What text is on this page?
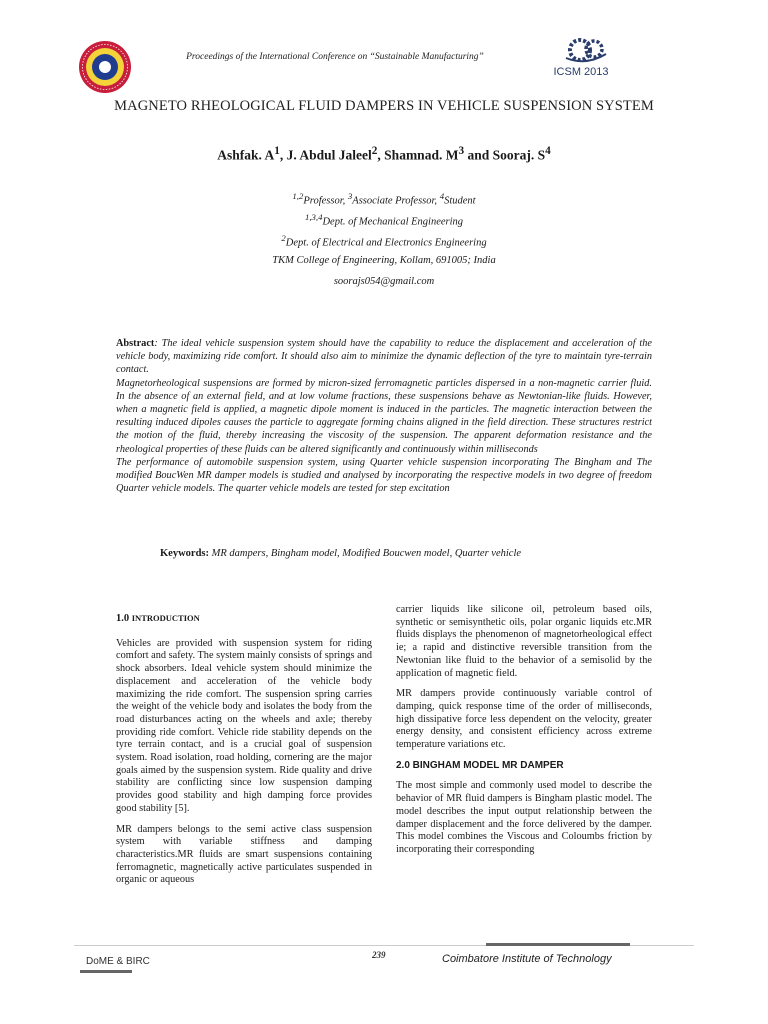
Proceedings of the International Conference on “Sustainable Manufacturing”
ICSM 2013
MAGNETO RHEOLOGICAL FLUID DAMPERS IN VEHICLE SUSPENSION SYSTEM
Ashfak. $A^1$, J. Abdul Jaleel$^2$, Shamnad. $M^3$ and Sooraj. $S^4$
$^{1,2}$Professor, $^3$Associate Professor, $^4$Student
$^{1,3,4}$Dept. of Mechanical Engineering
$^2$Dept. of Electrical and Electronics Engineering
TKM College of Engineering, Kollam, 691005; India
soorajs054@gmail.com

Abstract: The ideal vehicle suspension system should have the capability to reduce the displacement and acceleration of the vehicle body, maximizing ride comfort. It should also aim to minimize the dynamic deflection of the tyre to maintain tyre-terrain contact.

Magnetorheological suspensions are formed by micron-sized ferromagnetic particles dispersed in a non-magnetic carrier fluid. In the absence of an external field, and at low volume fractions, these suspensions behave as Newtonian-like fluids. However, when a magnetic field is applied, a magnetic dipole moment is induced in the particles. The magnetic interaction between the resulting induced dipoles causes the particle to aggregate forming chains aligned in the field direction. These structures restrict the motion of the fluid, thereby increasing the viscosity of the suspension. The apparent deformation resistance and the rheological properties of these fluids can be altered significantly and continuously within milliseconds

The performance of automobile suspension system, using Quarter vehicle suspension incorporating The Bingham and The modified BoucWen MR damper models is studied and analysed by incorporating the respective models in two degree of freedom Quarter vehicle models. The quarter vehicle models are tested for step excitation

Keywords: MR dampers, Bingham model, Modified Boucwen model, Quarter vehicle
1.0 INTRODUCTION

Vehicles are provided with suspension system for riding comfort and safety. The system mainly consists of springs and shock absorbers. Ideal vehicle system should minimize the displacement and acceleration of the vehicle body maximizing the ride comfort. The suspension spring carries the weight of the vehicle body and isolates the body from the road disturbances acting on the wheels and axle; thereby providing ride comfort. Vehicle ride stability depends on the tyre terrain contact, and is a crucial goal of suspension system. Road isolation, road holding, cornering are the major goals aimed by the suspension system. Ride quality and drive stability are conflicting since low suspension damping provides good stability and high damping force provides good stability [5].

MR dampers belongs to the semi active class suspension system with variable stiffness and damping characteristics.MR fluids are smart suspensions containing ferromagnetic, magnetically active particulates suspended in organic or aqueous

carrier liquids like silicone oil, petroleum based oils, synthetic or semisynthetic oils, polar organic liquids etc.MR fluids displays the phenomenon of magnetorheological effect ie; a rapid and distinctive reversible transition from the Newtonian like fluid to the behavior of a semisolid by the application of magnetic field.

MR dampers provide continuously variable control of damping, quick response time of the order of milliseconds, high dissipative force less dependent on the velocity, greater energy density, and consistent efficiency across extreme temperature variations etc.

2.0 BINGHAM MODEL MR DAMPER

The most simple and commonly used model to describe the behavior of MR fluid dampers is Bingham plastic model. The model describes the input output relationship between the damper displacement and the force delivered by the damper. This model combines the Viscous and Coloumbs friction by incorporating their corresponding

DoME & BIRC
239	Coimbatore Institute of Technology
